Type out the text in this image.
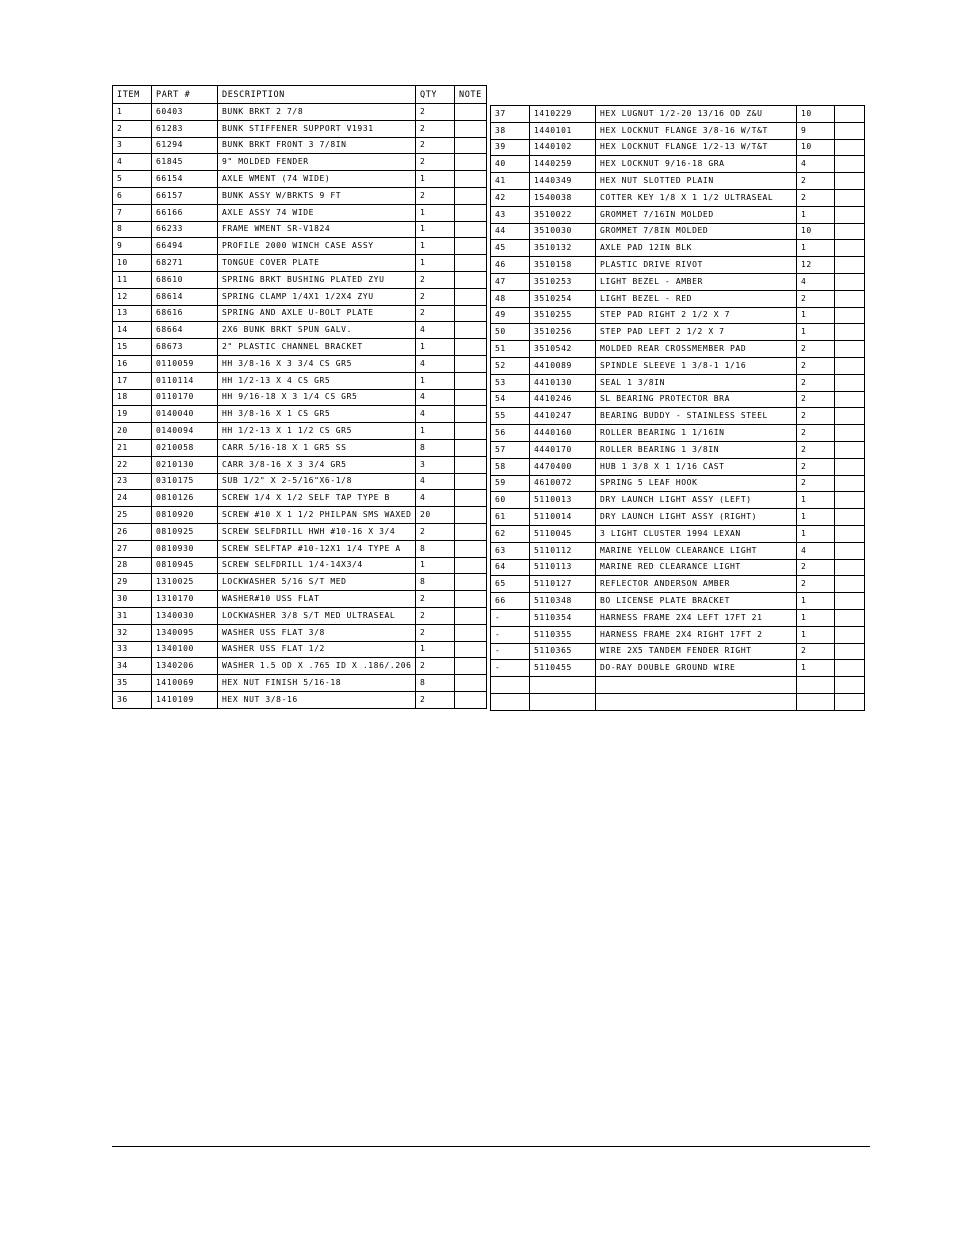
ITEM	PART #	DESCRIPTION	QTY	NOTE
1	60403	BUNK BRKT 2 7/8	2	
2	61283	BUNK STIFFENER SUPPORT V1931	2	
3	61294	BUNK BRKT FRONT 3 7/8IN	2	
4	61845	9" MOLDED FENDER	2	
5	66154	AXLE WMENT (74 WIDE)	1	
6	66157	BUNK ASSY W/BRKTS 9 FT	2	
7	66166	AXLE ASSY 74 WIDE	1	
8	66233	FRAME WMENT SR-V1824	1	
9	66494	PROFILE 2000 WINCH CASE ASSY	1	
10	68271	TONGUE COVER PLATE	1	
11	68610	SPRING BRKT BUSHING PLATED ZYU	2	
12	68614	SPRING CLAMP 1/4X1 1/2X4 ZYU	2	
13	68616	SPRING AND AXLE U-BOLT PLATE	2	
14	68664	2X6 BUNK BRKT SPUN GALV.	4	
15	68673	2" PLASTIC CHANNEL BRACKET	1	
16	0110059	HH 3/8-16 X 3 3/4 CS GR5	4	
17	0110114	HH 1/2-13 X 4 CS GR5	1	
18	0110170	HH 9/16-18 X 3 1/4 CS GR5	4	
19	0140040	HH 3/8-16 X 1 CS GR5	4	
20	0140094	HH 1/2-13 X 1 1/2 CS GR5	1	
21	0210058	CARR 5/16-18 X 1 GR5 SS	8	
22	0210130	CARR 3/8-16 X 3 3/4 GR5	3	
23	0310175	SUB 1/2" X 2-5/16"X6-1/8	4	
24	0810126	SCREW 1/4 X 1/2 SELF TAP TYPE B	4	
25	0810920	SCREW #10 X 1 1/2 PHILPAN SMS WAXED	20	
26	0810925	SCREW SELFDRILL HWH #10-16 X 3/4	2	
27	0810930	SCREW SELFTAP #10-12X1 1/4 TYPE A	8	
28	0810945	SCREW SELFDRILL 1/4-14X3/4	1	
29	1310025	LOCKWASHER 5/16 S/T MED	8	
30	1310170	WASHER#10 USS FLAT	2	
31	1340030	LOCKWASHER 3/8 S/T MED ULTRASEAL	2	
32	1340095	WASHER USS FLAT 3/8	2	
33	1340100	WASHER USS FLAT 1/2	1	
34	1340206	WASHER 1.5 OD X .765 ID X .186/.206	2	
35	1410069	HEX NUT FINISH 5/16-18	8	
36	1410109	HEX NUT 3/8-16	2	
37	1410229	HEX LUGNUT 1/2-20 13/16 OD Z&U	10	
38	1440101	HEX LOCKNUT FLANGE 3/8-16 W/T&T	9	
39	1440102	HEX LOCKNUT FLANGE 1/2-13 W/T&T	10	
40	1440259	HEX LOCKNUT 9/16-18 GRA	4	
41	1440349	HEX NUT SLOTTED PLAIN	2	
42	1540038	COTTER KEY 1/8 X 1 1/2 ULTRASEAL	2	
43	3510022	GROMMET 7/16IN MOLDED	1	
44	3510030	GROMMET 7/8IN MOLDED	10	
45	3510132	AXLE PAD 12IN BLK	1	
46	3510158	PLASTIC DRIVE RIVOT	12	
47	3510253	LIGHT BEZEL - AMBER	4	
48	3510254	LIGHT BEZEL - RED	2	
49	3510255	STEP PAD RIGHT 2 1/2 X 7	1	
50	3510256	STEP PAD LEFT 2 1/2 X 7	1	
51	3510542	MOLDED REAR CROSSMEMBER PAD	2	
52	4410089	SPINDLE SLEEVE 1 3/8-1 1/16	2	
53	4410130	SEAL 1 3/8IN	2	
54	4410246	SL BEARING PROTECTOR BRA	2	
55	4410247	BEARING BUDDY - STAINLESS STEEL	2	
56	4440160	ROLLER BEARING 1 1/16IN	2	
57	4440170	ROLLER BEARING 1 3/8IN	2	
58	4470400	HUB 1 3/8 X 1 1/16 CAST	2	
59	4610072	SPRING 5 LEAF HOOK	2	
60	5110013	DRY LAUNCH LIGHT ASSY (LEFT)	1	
61	5110014	DRY LAUNCH LIGHT ASSY (RIGHT)	1	
62	5110045	3 LIGHT CLUSTER 1994 LEXAN	1	
63	5110112	MARINE YELLOW CLEARANCE LIGHT	4	
64	5110113	MARINE RED CLEARANCE LIGHT	2	
65	5110127	REFLECTOR ANDERSON AMBER	2	
66	5110348	BO LICENSE PLATE BRACKET	1	
-	5110354	HARNESS FRAME 2X4 LEFT 17FT 21	1	
-	5110355	HARNESS FRAME 2X4 RIGHT 17FT 2	1	
-	5110365	WIRE 2X5 TANDEM FENDER RIGHT	2	
-	5110455	DO-RAY DOUBLE GROUND WIRE	1	
